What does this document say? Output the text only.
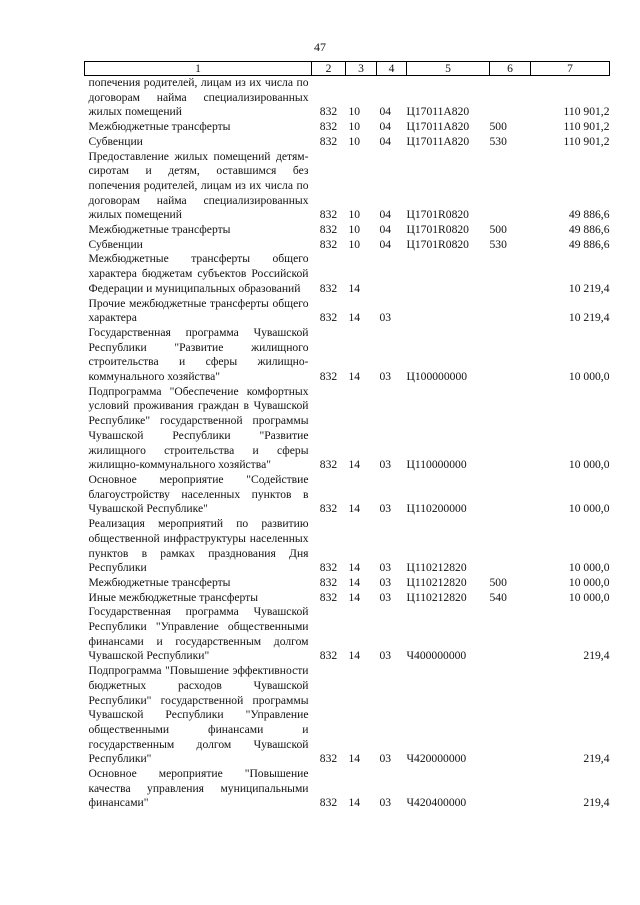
47
1	2	3	4	5	6	7
попечения родителей, лицам из их числа по договорам найма специализированных жилых помещений	832	10	04	Ц17011А820		110 901,2
Межбюджетные трансферты	832	10	04	Ц17011А820	500	110 901,2
Субвенции	832	10	04	Ц17011А820	530	110 901,2
Предоставление жилых помещений детям-сиротам и детям, оставшимся без попечения родителей, лицам из их числа по договорам найма специализированных жилых помещений	832	10	04	Ц1701R0820		49 886,6
Межбюджетные трансферты	832	10	04	Ц1701R0820	500	49 886,6
Субвенции	832	10	04	Ц1701R0820	530	49 886,6
Межбюджетные трансферты общего характера бюджетам субъектов Российской Федерации и муниципальных образований	832	14				10 219,4
Прочие межбюджетные трансферты общего характера	832	14	03			10 219,4
Государственная программа Чувашской Республики "Развитие жилищного строительства и сферы жилищно-коммунального хозяйства"	832	14	03	Ц100000000		10 000,0
Подпрограмма "Обеспечение комфортных условий проживания граждан в Чувашской Республике" государственной программы Чувашской Республики "Развитие жилищного строительства и сферы жилищно-коммунального хозяйства"	832	14	03	Ц110000000		10 000,0
Основное мероприятие "Содействие благоустройству населенных пунктов в Чувашской Республике"	832	14	03	Ц110200000		10 000,0
Реализация мероприятий по развитию общественной инфраструктуры населенных пунктов в рамках празднования Дня Республики	832	14	03	Ц110212820		10 000,0
Межбюджетные трансферты	832	14	03	Ц110212820	500	10 000,0
Иные межбюджетные трансферты	832	14	03	Ц110212820	540	10 000,0
Государственная программа Чувашской Республики "Управление общественными финансами и государственным долгом Чувашской Республики"	832	14	03	Ч400000000		219,4
Подпрограмма "Повышение эффективности бюджетных расходов Чувашской Республики" государственной программы Чувашской Республики "Управление общественными финансами и государственным долгом Чувашской Республики"	832	14	03	Ч420000000		219,4
Основное мероприятие "Повышение качества управления муниципальными финансами"	832	14	03	Ч420400000		219,4
